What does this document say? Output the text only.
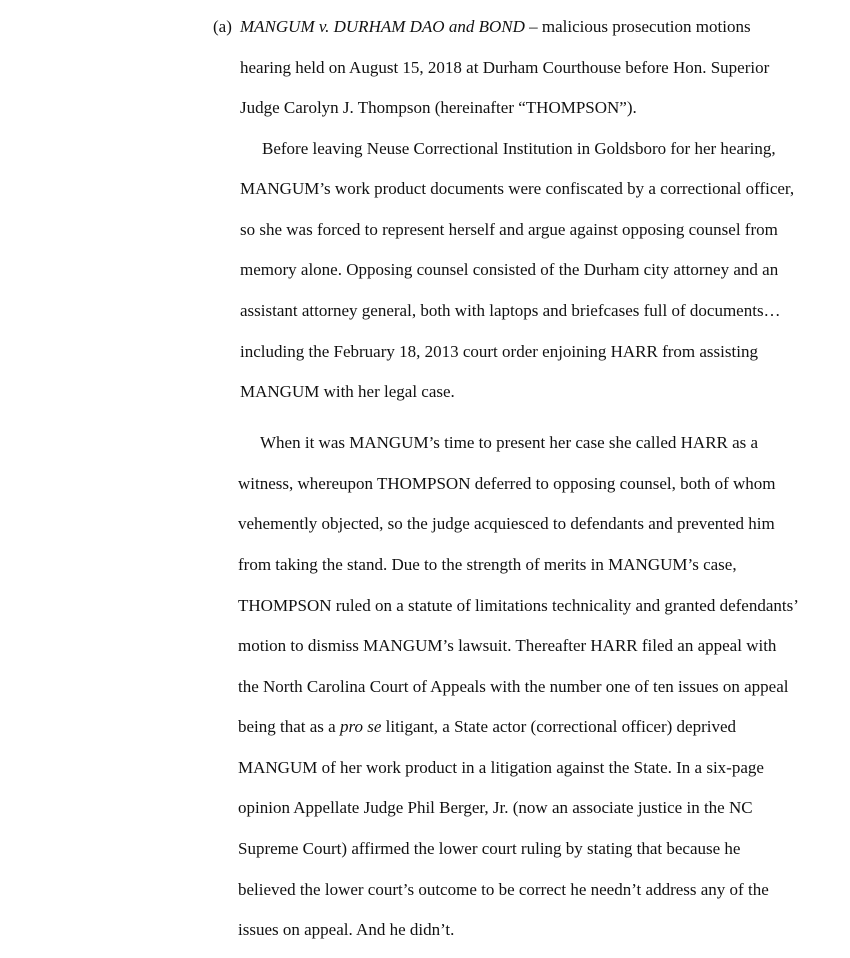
(a) MANGUM v. DURHAM DAO and BOND – malicious prosecution motions
hearing held on August 15, 2018 at Durham Courthouse before Hon. Superior
Judge Carolyn J. Thompson (hereinafter “THOMPSON”).
Before leaving Neuse Correctional Institution in Goldsboro for her hearing,
MANGUM’s work product documents were confiscated by a correctional officer,
so she was forced to represent herself and argue against opposing counsel from
memory alone. Opposing counsel consisted of the Durham city attorney and an
assistant attorney general, both with laptops and briefcases full of documents…
including the February 18, 2013 court order enjoining HARR from assisting
MANGUM with her legal case.
When it was MANGUM’s time to present her case she called HARR as a
witness, whereupon THOMPSON deferred to opposing counsel, both of whom
vehemently objected, so the judge acquiesced to defendants and prevented him
from taking the stand. Due to the strength of merits in MANGUM’s case,
THOMPSON ruled on a statute of limitations technicality and granted defendants’
motion to dismiss MANGUM’s lawsuit. Thereafter HARR filed an appeal with
the North Carolina Court of Appeals with the number one of ten issues on appeal
being that as a pro se litigant, a State actor (correctional officer) deprived
MANGUM of her work product in a litigation against the State. In a six-page
opinion Appellate Judge Phil Berger, Jr. (now an associate justice in the NC
Supreme Court) affirmed the lower court ruling by stating that because he
believed the lower court’s outcome to be correct he needn’t address any of the
issues on appeal. And he didn’t.
